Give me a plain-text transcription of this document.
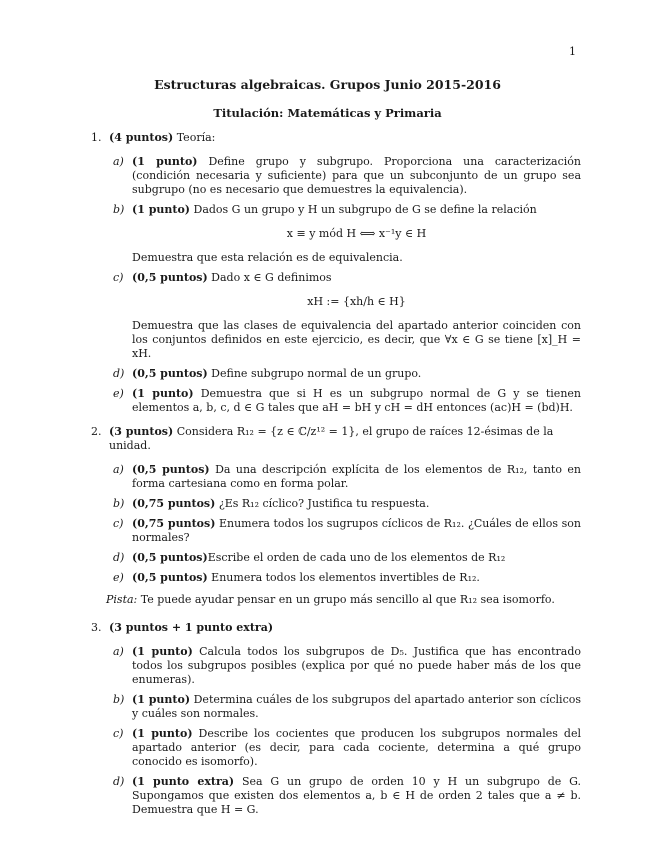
1
Estructuras algebraicas. Grupos Junio 2015-2016
Titulación: Matemáticas y Primaria
1. (4 puntos) Teoría:
a) (1 punto) Define grupo y subgrupo. Proporciona una caracterización (condición necesaria y suficiente) para que un subconjunto de un grupo sea subgrupo (no es necesario que demuestres la equivalencia).
b) (1 punto) Dados G un grupo y H un subgrupo de G se define la relación
x ≡ y mód H ⟺ x⁻¹y ∈ H
Demuestra que esta relación es de equivalencia.
c) (0,5 puntos) Dado x ∈ G definimos
xH := {xh/h ∈ H}
Demuestra que las clases de equivalencia del apartado anterior coinciden con los conjuntos definidos en este ejercicio, es decir, que ∀x ∈ G se tiene [x]_H = xH.
d) (0,5 puntos) Define subgrupo normal de un grupo.
e) (1 punto) Demuestra que si H es un subgrupo normal de G y se tienen elementos a, b, c, d ∈ G tales que aH = bH y cH = dH entonces (ac)H = (bd)H.
2. (3 puntos) Considera R₁₂ = {z ∈ ℂ/z¹² = 1}, el grupo de raíces 12-ésimas de la unidad.
a) (0,5 puntos) Da una descripción explícita de los elementos de R₁₂, tanto en forma cartesiana como en forma polar.
b) (0,75 puntos) ¿Es R₁₂ cíclico? Justifica tu respuesta.
c) (0,75 puntos) Enumera todos los sugrupos cíclicos de R₁₂. ¿Cuáles de ellos son normales?
d) (0,5 puntos)Escribe el orden de cada uno de los elementos de R₁₂
e) (0,5 puntos) Enumera todos los elementos invertibles de R₁₂.
Pista: Te puede ayudar pensar en un grupo más sencillo al que R₁₂ sea isomorfo.
3. (3 puntos + 1 punto extra)
a) (1 punto) Calcula todos los subgrupos de D₅. Justifica que has encontrado todos los subgrupos posibles (explica por qué no puede haber más de los que enumeras).
b) (1 punto) Determina cuáles de los subgrupos del apartado anterior son cíclicos y cuáles son normales.
c) (1 punto) Describe los cocientes que producen los subgrupos normales del apartado anterior (es decir, para cada cociente, determina a qué grupo conocido es isomorfo).
d) (1 punto extra) Sea G un grupo de orden 10 y H un subgrupo de G. Supongamos que existen dos elementos a, b ∈ H de orden 2 tales que a ≠ b. Demuestra que H = G.
